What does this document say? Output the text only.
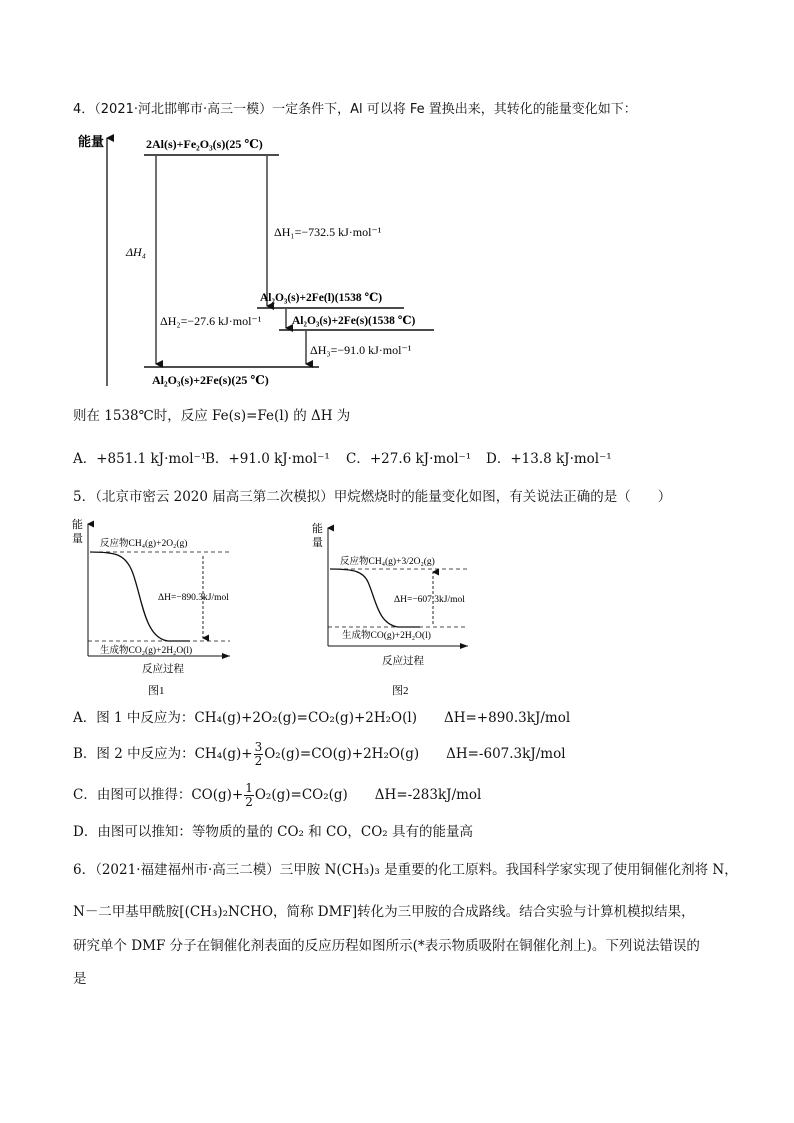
4．（2021·河北邯郸市·高三一模）一定条件下，Al 可以将 Fe 置换出来，其转化的能量变化如下：
能量	2Al(s)+Fe₂O₃(s)(25 ℃)
ΔH₄
ΔH₁=−732.5 kJ·mol⁻¹
Al₂O₃(s)+2Fe(l)(1538 ℃)
ΔH₂=−27.6 kJ·mol⁻¹	Al₂O₃(s)+2Fe(s)(1538 ℃)
ΔH₃=−91.0 kJ·mol⁻¹
Al₂O₃(s)+2Fe(s)(25 ℃)
则在 1538℃时，反应 Fe(s)=Fe(l) 的 ΔH 为
A．+851.1 kJ·mol⁻¹
B．+91.0 kJ·mol⁻¹ C．+27.6 kJ·mol⁻¹ D．+13.8 kJ·mol⁻¹
5．（北京市密云 2020 届高三第二次模拟）甲烷燃烧时的能量变化如图，有关说法正确的是（　　）
能
量 反应物CH₄(g)+2O₂(g)
ΔH=−890.3kJ/mol
生成物CO₂(g)+2H₂O(l)
反应过程
图1
能
量
反应物CH₄(g)+3/2O₂(g)
ΔH=−607.3kJ/mol
生成物CO(g)+2H₂O(l)
反应过程
图2
A．图 1 中反应为：CH₄(g)+2O₂(g)=CO₂(g)+2H₂O(l)　　ΔH=+890.3kJ/mol
B．图 2 中反应为：$CH_4(g)+ \frac{3}{2} O_2(g)=CO(g)+2H_2O(g)$　　ΔH=-607.3kJ/mol
C．由图可以推得：$CO(g)+ \frac{1}{2} O_2(g)=CO_2(g)$　　ΔH=-283kJ/mol
D．由图可以推知：等物质的量的 CO₂ 和 CO，CO₂ 具有的能量高
6．（2021·福建福州市·高三二模）三甲胺 N(CH₃)₃ 是重要的化工原料。我国科学家实现了使用铜催化剂将 N，
N－二甲基甲酰胺[(CH₃)₂NCHO，简称 DMF]转化为三甲胺的合成路线。结合实验与计算机模拟结果，
研究单个 DMF 分子在铜催化剂表面的反应历程如图所示(*表示物质吸附在铜催化剂上)。下列说法错误的
是
